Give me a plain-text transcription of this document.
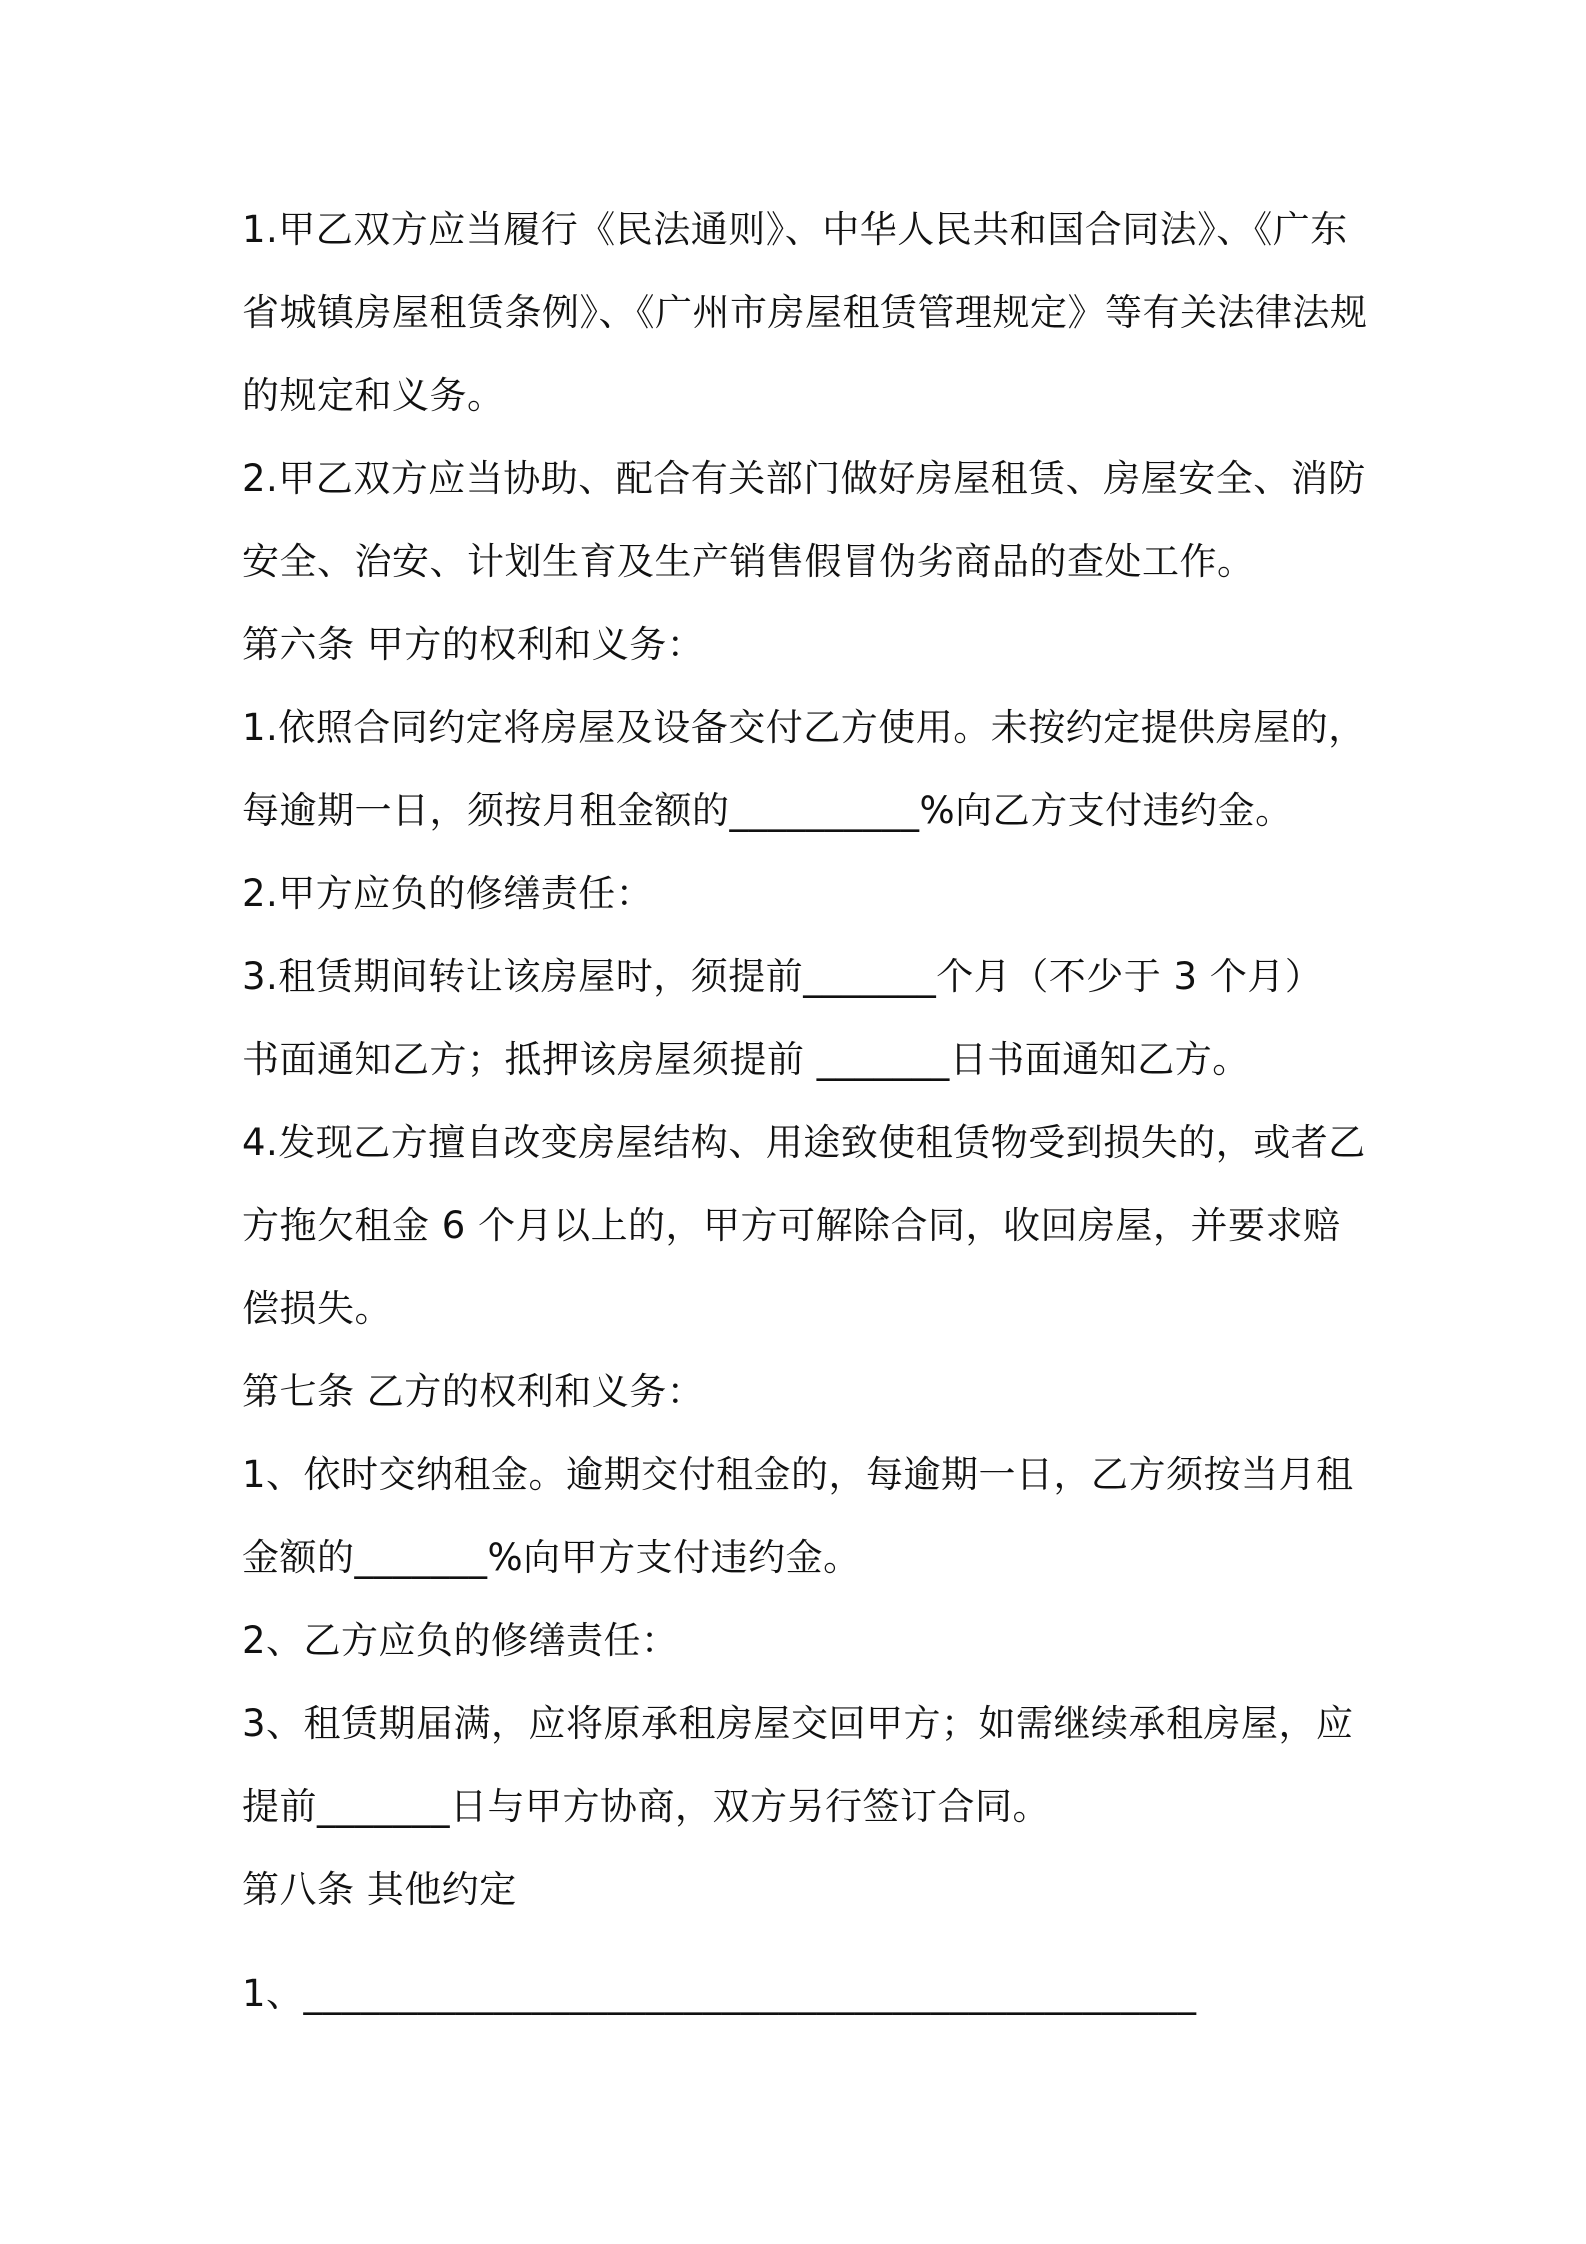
1.甲乙双方应当履行《民法通则》、中华人民共和国合同法》、《广东

省城镇房屋租赁条例》、《广州市房屋租赁管理规定》等有关法律法规

的规定和义务。

2.甲乙双方应当协助、配合有关部门做好房屋租赁、房屋安全、消防

安全、治安、计划生育及生产销售假冒伪劣商品的查处工作。

第六条 甲方的权利和义务：

1.依照合同约定将房屋及设备交付乙方使用。未按约定提供房屋的，

每逾期一日，须按月租金额的__________%向乙方支付违约金。

2.甲方应负的修缮责任：

3.租赁期间转让该房屋时，须提前_______个月（不少于 3 个月）

书面通知乙方；抵押该房屋须提前 _______日书面通知乙方。

4.发现乙方擅自改变房屋结构、用途致使租赁物受到损失的，或者乙

方拖欠租金 6 个月以上的，甲方可解除合同，收回房屋，并要求赔

偿损失。

第七条 乙方的权利和义务：

1、依时交纳租金。逾期交付租金的，每逾期一日，乙方须按当月租

金额的_______%向甲方支付违约金。

2、乙方应负的修缮责任：

3、租赁期届满，应将原承租房屋交回甲方；如需继续承租房屋，应

提前_______日与甲方协商，双方另行签订合同。

第八条 其他约定

1、_______________________________________________
